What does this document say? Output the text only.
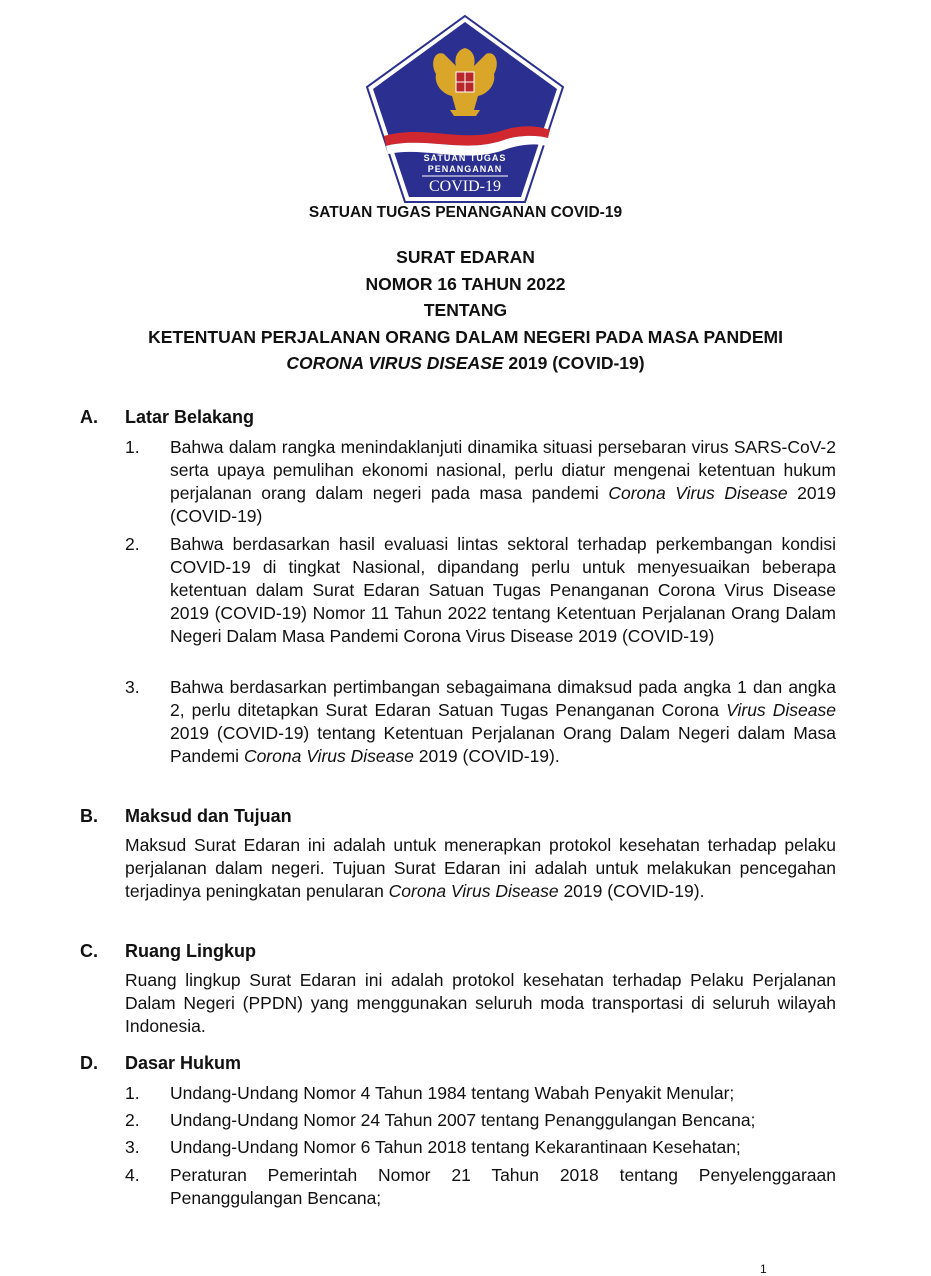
SATUAN TUGAS
PENANGANAN
COVID-19
SATUAN TUGAS PENANGANAN COVID-19
SURAT EDARAN
NOMOR 16 TAHUN 2022
TENTANG
KETENTUAN PERJALANAN ORANG DALAM NEGERI PADA MASA PANDEMI
CORONA VIRUS DISEASE 2019 (COVID-19)
A. Latar Belakang
1. Bahwa dalam rangka menindaklanjuti dinamika situasi persebaran virus SARS-CoV-2 serta upaya pemulihan ekonomi nasional, perlu diatur mengenai ketentuan hukum perjalanan orang dalam negeri pada masa pandemi Corona Virus Disease 2019 (COVID-19)
2. Bahwa berdasarkan hasil evaluasi lintas sektoral terhadap perkembangan kondisi COVID-19 di tingkat Nasional, dipandang perlu untuk menyesuaikan beberapa ketentuan dalam Surat Edaran Satuan Tugas Penanganan Corona Virus Disease 2019 (COVID-19) Nomor 11 Tahun 2022 tentang Ketentuan Perjalanan Orang Dalam Negeri Dalam Masa Pandemi Corona Virus Disease 2019 (COVID-19)
3. Bahwa berdasarkan pertimbangan sebagaimana dimaksud pada angka 1 dan angka 2, perlu ditetapkan Surat Edaran Satuan Tugas Penanganan Corona Virus Disease 2019 (COVID-19) tentang Ketentuan Perjalanan Orang Dalam Negeri dalam Masa Pandemi Corona Virus Disease 2019 (COVID-19).
B. Maksud dan Tujuan
Maksud Surat Edaran ini adalah untuk menerapkan protokol kesehatan terhadap pelaku perjalanan dalam negeri. Tujuan Surat Edaran ini adalah untuk melakukan pencegahan terjadinya peningkatan penularan Corona Virus Disease 2019 (COVID-19).
C. Ruang Lingkup
Ruang lingkup Surat Edaran ini adalah protokol kesehatan terhadap Pelaku Perjalanan Dalam Negeri (PPDN) yang menggunakan seluruh moda transportasi di seluruh wilayah Indonesia.
D. Dasar Hukum
1. Undang-Undang Nomor 4 Tahun 1984 tentang Wabah Penyakit Menular;
2. Undang-Undang Nomor 24 Tahun 2007 tentang Penanggulangan Bencana;
3. Undang-Undang Nomor 6 Tahun 2018 tentang Kekarantinaan Kesehatan;
4. Peraturan Pemerintah Nomor 21 Tahun 2018 tentang Penyelenggaraan Penanggulangan Bencana;
1
